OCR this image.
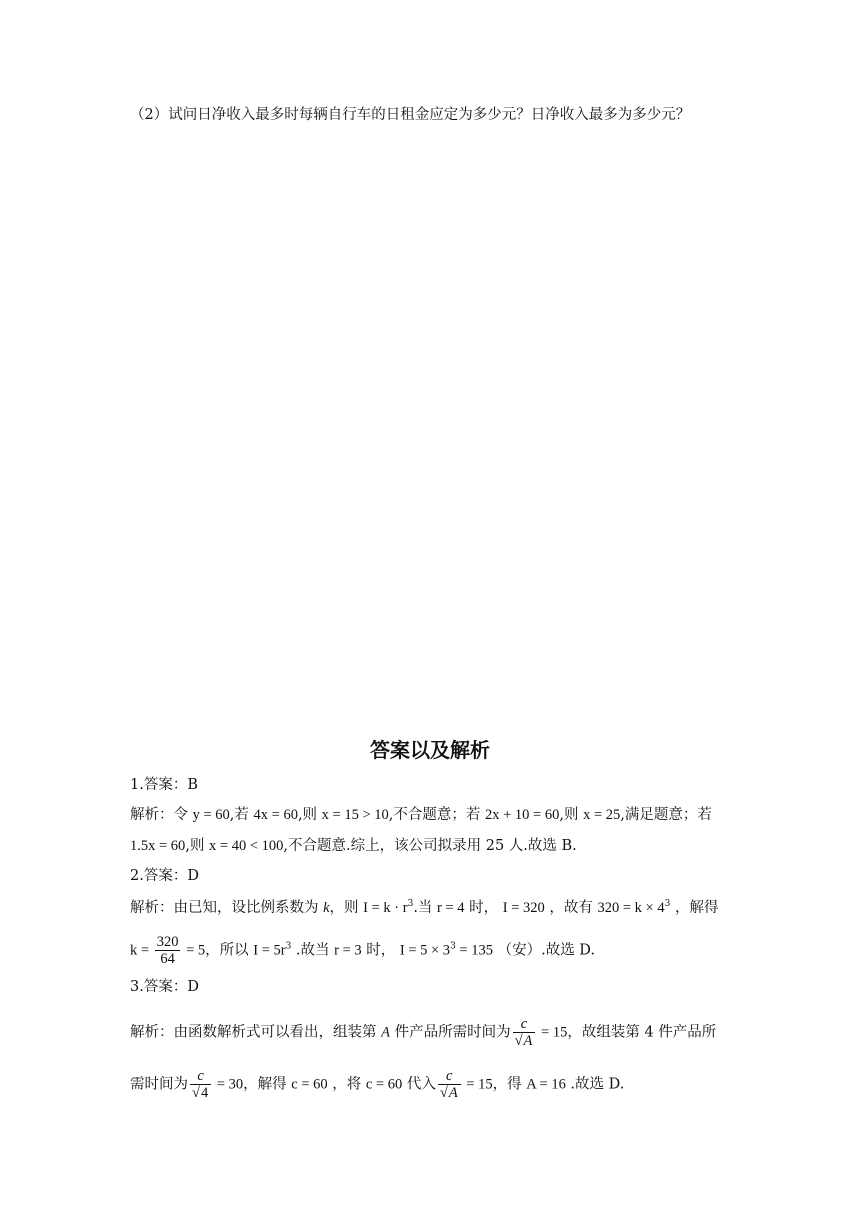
（2）试问日净收入最多时每辆自行车的日租金应定为多少元？日净收入最多为多少元？
答案以及解析
1.答案：B
解析：令 y = 60,若 4x = 60,则 x = 15 > 10,不合题意；若 2x + 10 = 60,则 x = 25,满足题意；若
1.5x = 60,则 x = 40 < 100,不合题意.综上，该公司拟录用 25 人.故选 B.
2.答案：D
解析：由已知，设比例系数为 k，则 $I = k \cdot r^3$.当 r = 4 时， I = 320 ，故有 $320 = k \times 4^3$ ，解得
$k = \frac{320}{64} = 5$，所以 $I = 5r^3$ .故当 r = 3 时， $I = 5 \times 3^3 = 135$ （安）.故选 D.
3.答案：D
解析：由函数解析式可以看出，组装第 A 件产品所需时间为 $\frac{c}{√A} = 15$，故组装第 4 件产品所
需时间为 $\frac{c}{√4} = 30$，解得 c = 60 ，将 c = 60 代入 $\frac{c}{√A} = 15$，得 A = 16 .故选 D.
